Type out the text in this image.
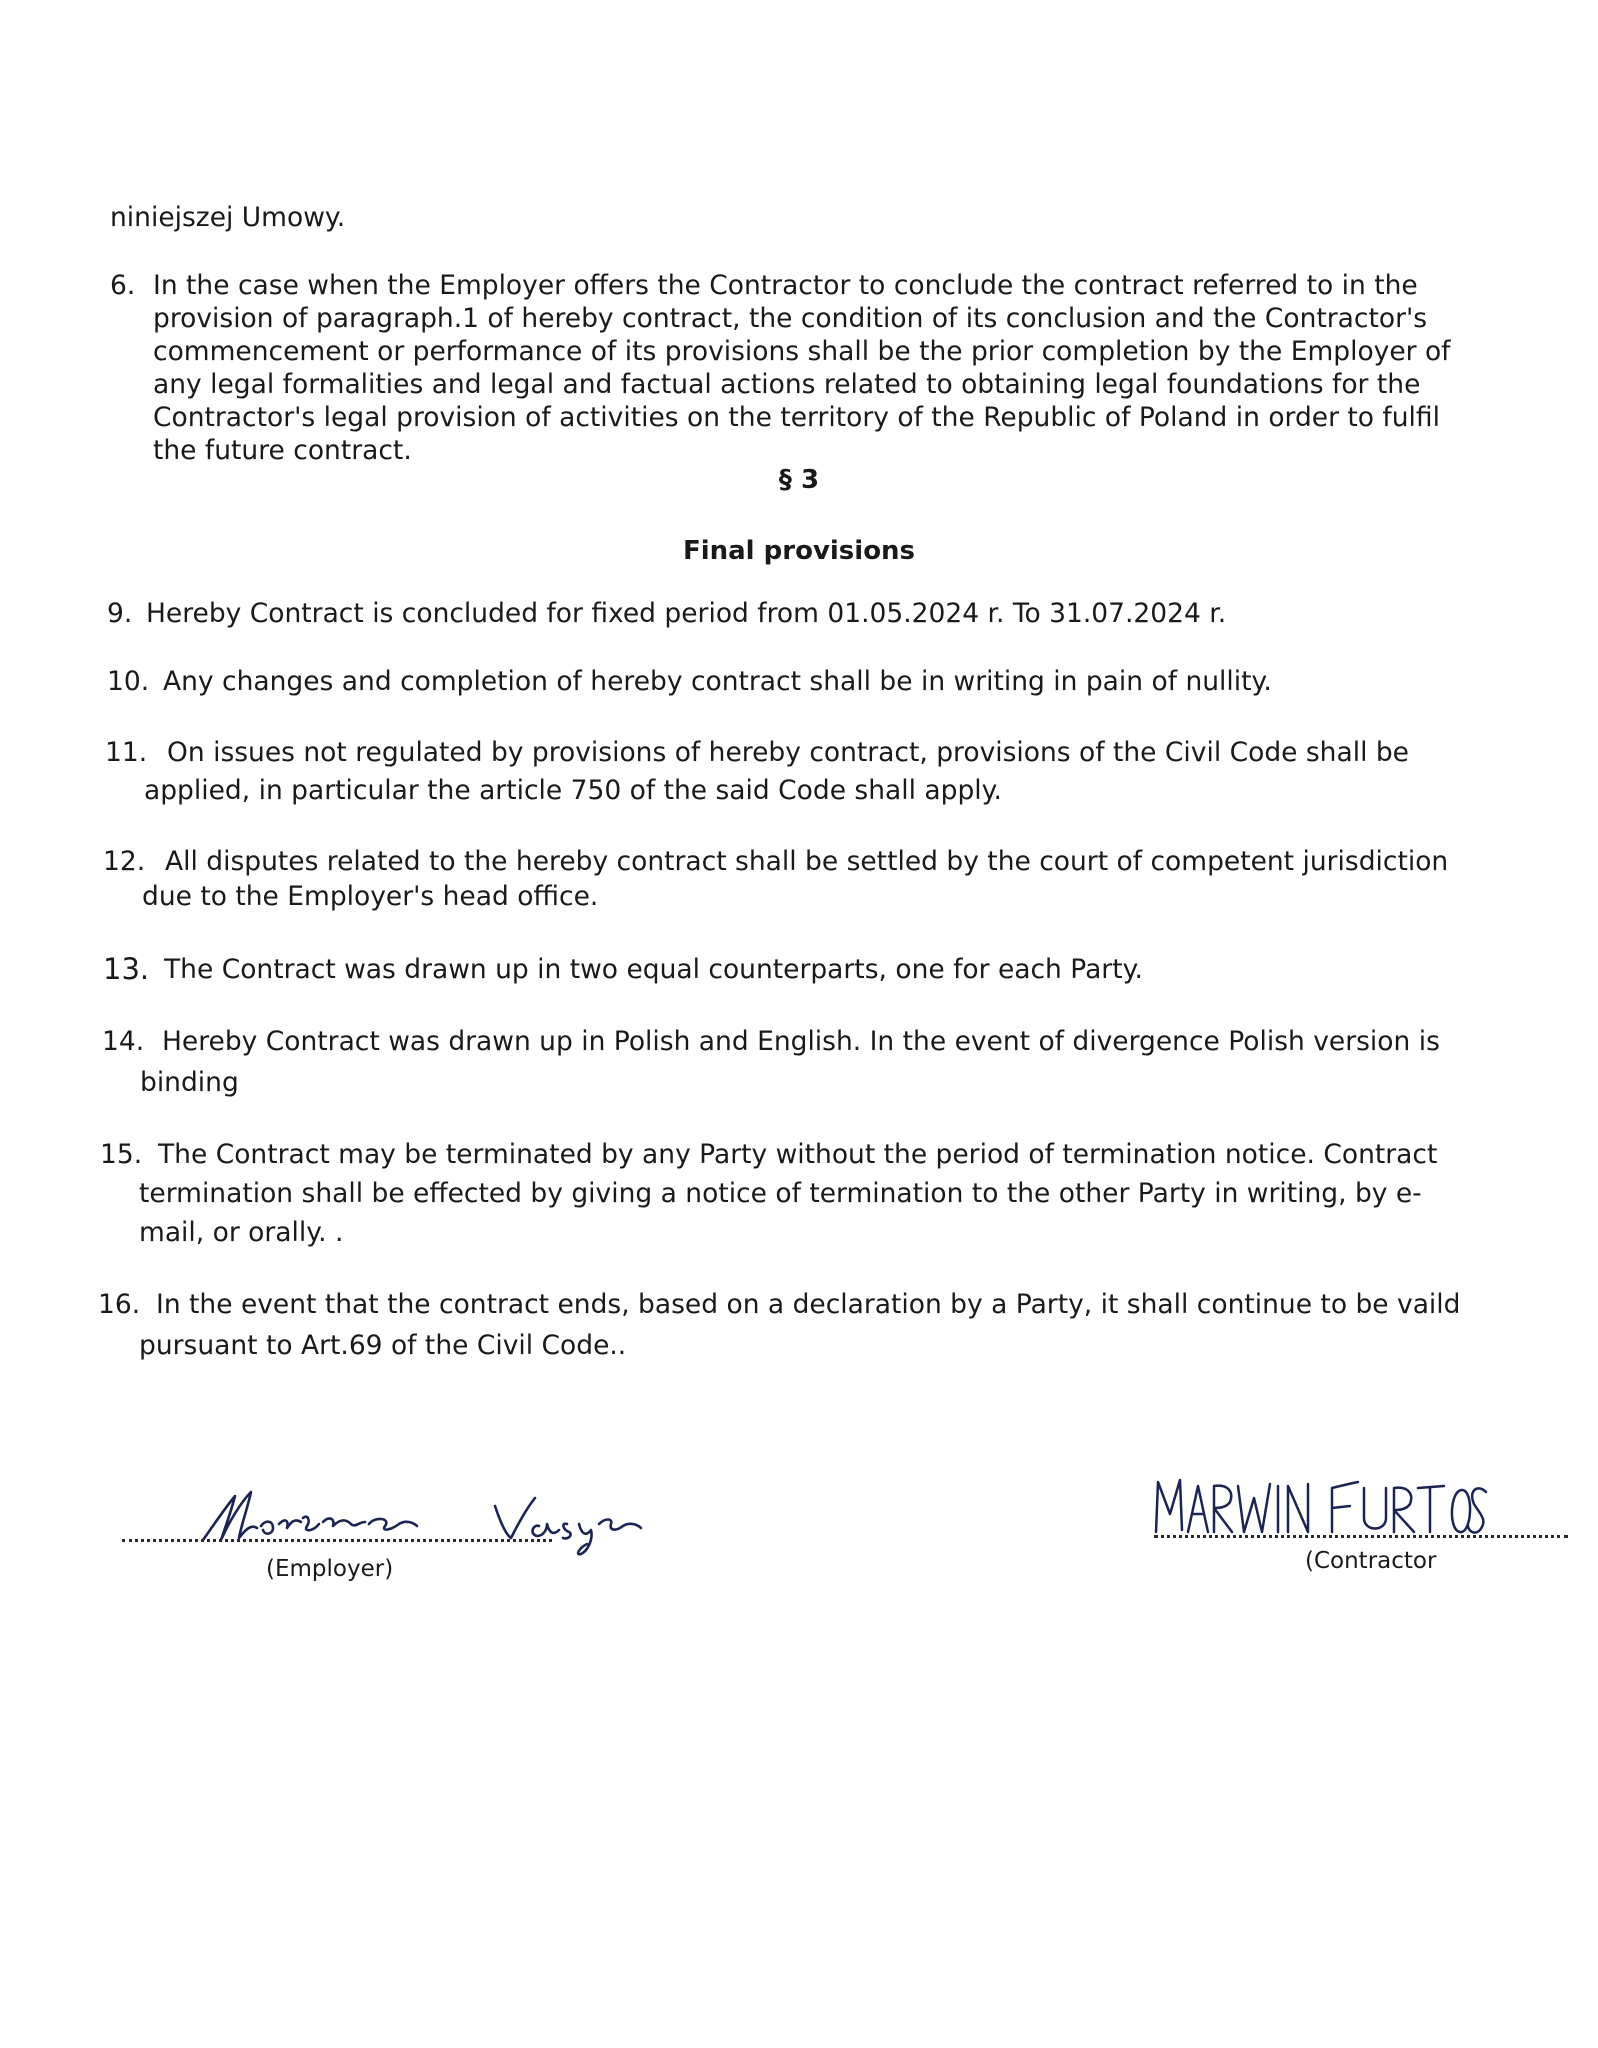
niniejszej Umowy.
6. In the case when the Employer offers the Contractor to conclude the contract referred to in the
provision of paragraph.1 of hereby contract, the condition of its conclusion and the Contractor's
commencement or performance of its provisions shall be the prior completion by the Employer of
any legal formalities and legal and factual actions related to obtaining legal foundations for the
Contractor's legal provision of activities on the territory of the Republic of Poland in order to fulfil
the future contract.
§ 3
Final provisions
9. Hereby Contract is concluded for fixed period from 01.05.2024 r. To 31.07.2024 r.
10. Any changes and completion of hereby contract shall be in writing in pain of nullity.
11. On issues not regulated by provisions of hereby contract, provisions of the Civil Code shall be
applied, in particular the article 750 of the said Code shall apply.
12. All disputes related to the hereby contract shall be settled by the court of competent jurisdiction
due to the Employer's head office.
13. The Contract was drawn up in two equal counterparts, one for each Party.
14. Hereby Contract was drawn up in Polish and English. In the event of divergence Polish version is
binding
15. The Contract may be terminated by any Party without the period of termination notice. Contract
termination shall be effected by giving a notice of termination to the other Party in writing, by e-
mail, or orally. .
16. In the event that the contract ends, based on a declaration by a Party, it shall continue to be vaild
pursuant to Art.69 of the Civil Code..
(Employer)	(Contractor
